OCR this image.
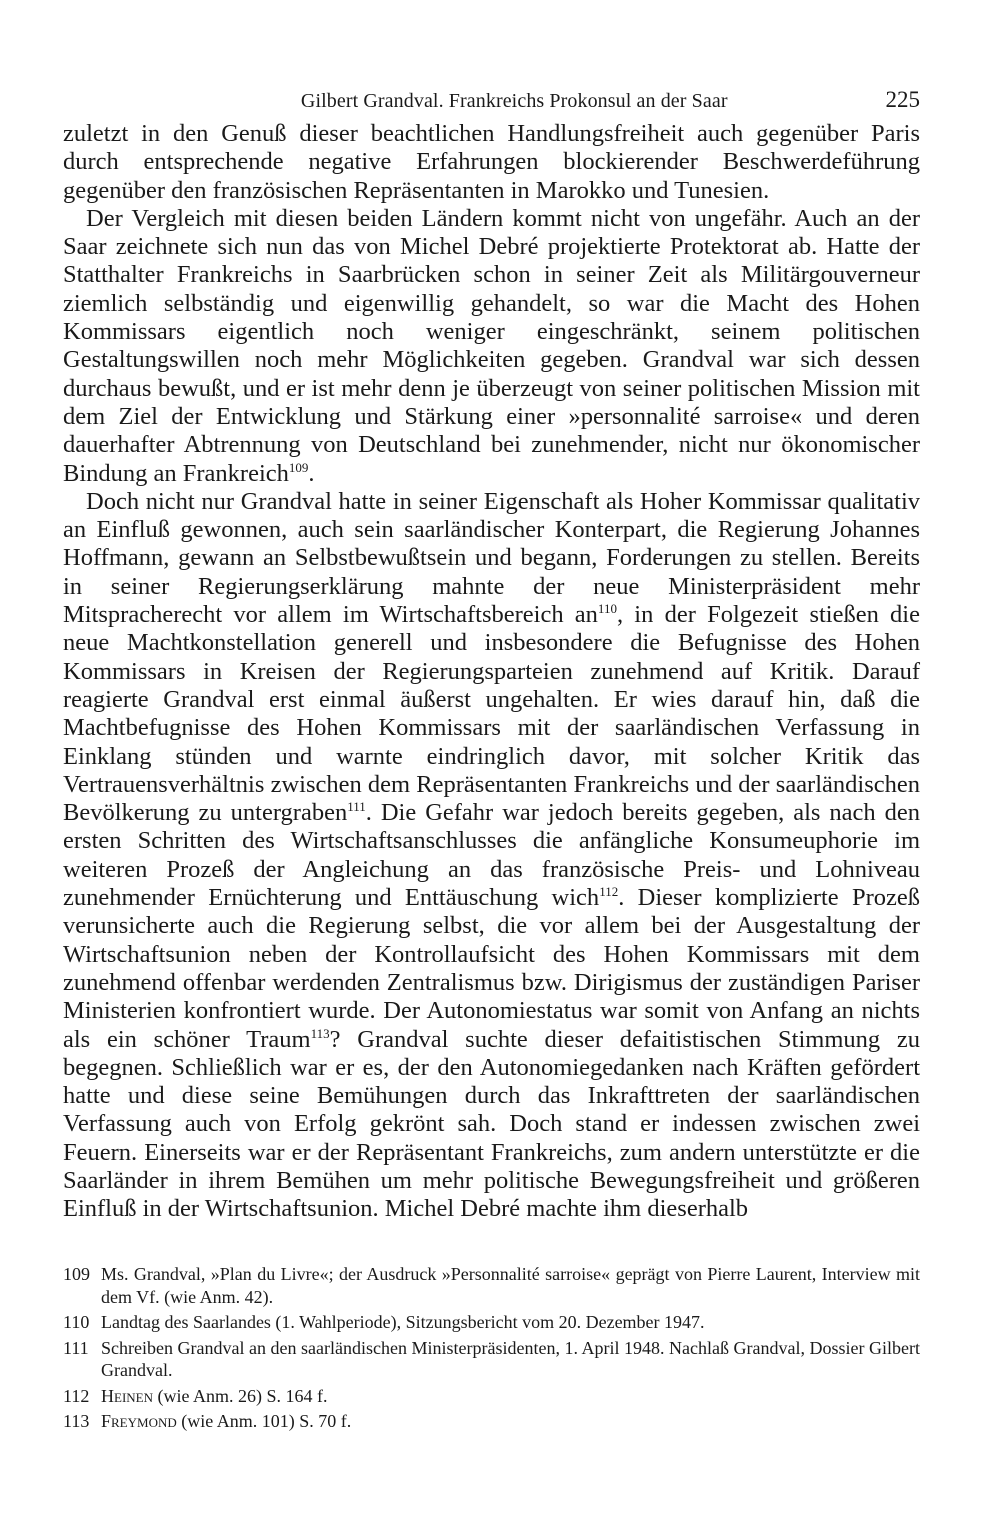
Gilbert Grandval. Frankreichs Prokonsul an der Saar	225

zuletzt in den Genuß dieser beachtlichen Handlungsfreiheit auch gegenüber Paris durch entsprechende negative Erfahrungen blockierender Beschwerdeführung gegenüber den französischen Repräsentanten in Marokko und Tunesien.

Der Vergleich mit diesen beiden Ländern kommt nicht von ungefähr. Auch an der Saar zeichnete sich nun das von Michel Debré projektierte Protektorat ab. Hatte der Statthalter Frankreichs in Saarbrücken schon in seiner Zeit als Militärgouverneur ziemlich selbständig und eigenwillig gehandelt, so war die Macht des Hohen Kommissars eigentlich noch weniger eingeschränkt, seinem politischen Gestaltungswillen noch mehr Möglichkeiten gegeben. Grandval war sich dessen durchaus bewußt, und er ist mehr denn je überzeugt von seiner politischen Mission mit dem Ziel der Entwicklung und Stärkung einer »personnalité sarroise« und deren dauerhafter Abtrennung von Deutschland bei zunehmender, nicht nur ökonomischer Bindung an Frankreich$^{109}$.

Doch nicht nur Grandval hatte in seiner Eigenschaft als Hoher Kommissar qualitativ an Einfluß gewonnen, auch sein saarländischer Konterpart, die Regierung Johannes Hoffmann, gewann an Selbstbewußtsein und begann, Forderungen zu stellen. Bereits in seiner Regierungserklärung mahnte der neue Ministerpräsident mehr Mitspracherecht vor allem im Wirtschaftsbereich an$^{110}$, in der Folgezeit stießen die neue Machtkonstellation generell und insbesondere die Befugnisse des Hohen Kommissars in Kreisen der Regierungsparteien zunehmend auf Kritik. Darauf reagierte Grandval erst einmal äußerst ungehalten. Er wies darauf hin, daß die Machtbefugnisse des Hohen Kommissars mit der saarländischen Verfassung in Einklang stünden und warnte eindringlich davor, mit solcher Kritik das Vertrauensverhältnis zwischen dem Repräsentanten Frankreichs und der saarländischen Bevölkerung zu untergraben$^{111}$. Die Gefahr war jedoch bereits gegeben, als nach den ersten Schritten des Wirtschaftsanschlusses die anfängliche Konsumeuphorie im weiteren Prozeß der Angleichung an das französische Preis- und Lohniveau zunehmender Ernüchterung und Enttäuschung wich$^{112}$. Dieser komplizierte Prozeß verunsicherte auch die Regierung selbst, die vor allem bei der Ausgestaltung der Wirtschaftsunion neben der Kontrollaufsicht des Hohen Kommissars mit dem zunehmend offenbar werdenden Zentralismus bzw. Dirigismus der zuständigen Pariser Ministerien konfrontiert wurde. Der Autonomiestatus war somit von Anfang an nichts als ein schöner Traum$^{113}$? Grandval suchte dieser defaitistischen Stimmung zu begegnen. Schließlich war er es, der den Autonomiegedanken nach Kräften gefördert hatte und diese seine Bemühungen durch das Inkrafttreten der saarländischen Verfassung auch von Erfolg gekrönt sah. Doch stand er indessen zwischen zwei Feuern. Einerseits war er der Repräsentant Frankreichs, zum andern unterstützte er die Saarländer in ihrem Bemühen um mehr politische Bewegungsfreiheit und größeren Einfluß in der Wirtschaftsunion. Michel Debré machte ihm dieserhalb

109 Ms. Grandval, »Plan du Livre«; der Ausdruck »Personnalité sarroise« geprägt von Pierre Laurent, Interview mit dem Vf. (wie Anm. 42).
110 Landtag des Saarlandes (1. Wahlperiode), Sitzungsbericht vom 20. Dezember 1947.
111 Schreiben Grandval an den saarländischen Ministerpräsidenten, 1. April 1948. Nachlaß Grandval, Dossier Gilbert Grandval.
112 Heinen (wie Anm. 26) S. 164 f.
113 Freymond (wie Anm. 101) S. 70 f.
